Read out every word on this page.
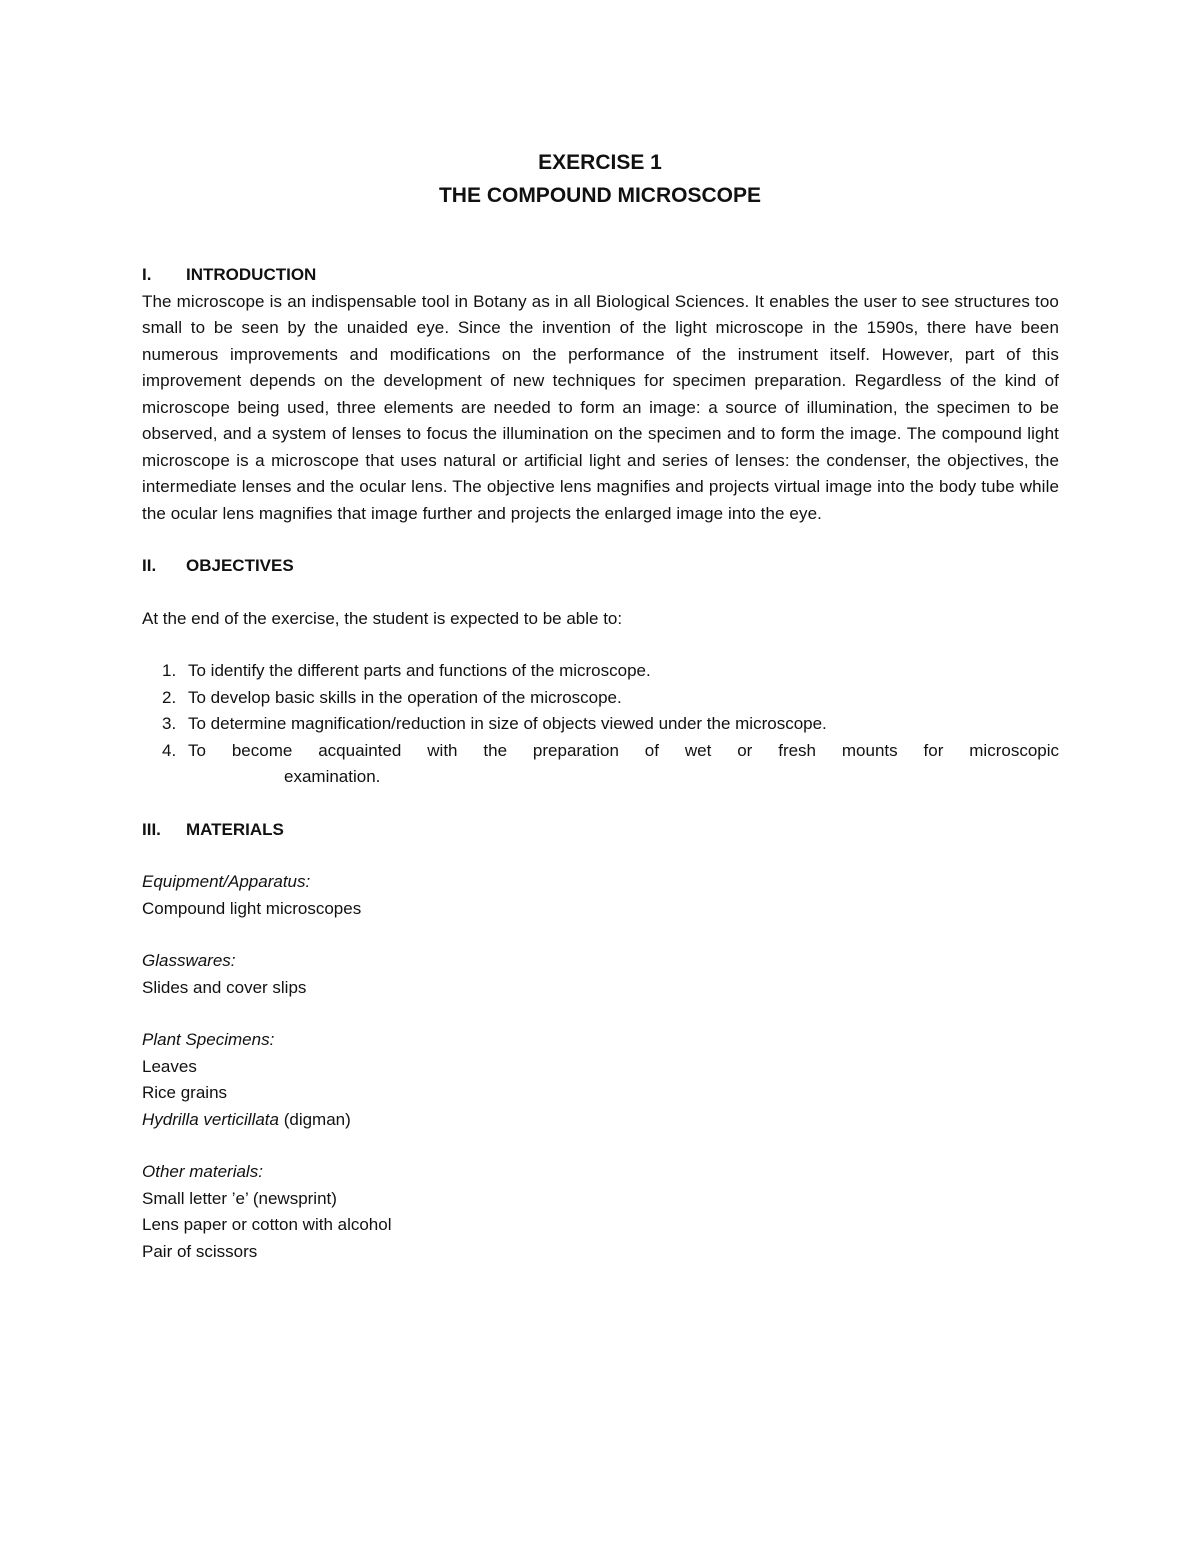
EXERCISE 1
THE COMPOUND MICROSCOPE

I.	INTRODUCTION

The microscope is an indispensable tool in Botany as in all Biological Sciences. It enables the user to see structures too small to be seen by the unaided eye. Since the invention of the light microscope in the 1590s, there have been numerous improvements and modifications on the performance of the instrument itself. However, part of this improvement depends on the development of new techniques for specimen preparation. Regardless of the kind of microscope being used, three elements are needed to form an image: a source of illumination, the specimen to be observed, and a system of lenses to focus the illumination on the specimen and to form the image. The compound light microscope is a microscope that uses natural or artificial light and series of lenses: the condenser, the objectives, the intermediate lenses and the ocular lens. The objective lens magnifies and projects virtual image into the body tube while the ocular lens magnifies that image further and projects the enlarged image into the eye.

II.	OBJECTIVES

At the end of the exercise, the student is expected to be able to:

1. To identify the different parts and functions of the microscope.
2. To develop basic skills in the operation of the microscope.
3. To determine magnification/reduction in size of objects viewed under the microscope.
4. To become acquainted with the preparation of wet or fresh mounts for microscopic
examination.

III.	MATERIALS

Equipment/Apparatus:

Compound light microscopes

Glasswares:

Slides and cover slips

Plant Specimens:

Leaves

Rice grains

Hydrilla verticillata (digman)

Other materials:

Small letter ’e’ (newsprint)

Lens paper or cotton with alcohol

Pair of scissors
